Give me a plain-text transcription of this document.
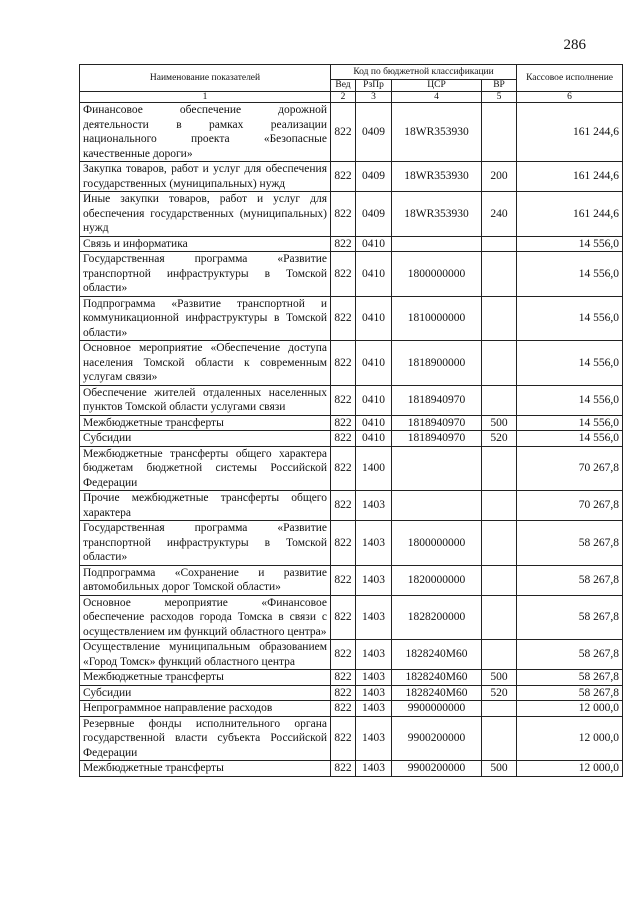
286
Наименование показателей	Код по бюджетной классификации				Кассовое исполнение
	Вед	РзПр	ЦСР	ВР	
1	2	3	4	5	6
Финансовое обеспечение дорожной деятельности в рамках реализации национального проекта «Безопасные качественные дороги»	822	0409	18WR353930		161 244,6
Закупка товаров, работ и услуг для обеспечения государственных (муниципальных) нужд	822	0409	18WR353930	200	161 244,6
Иные закупки товаров, работ и услуг для обеспечения государственных (муниципальных) нужд	822	0409	18WR353930	240	161 244,6
Связь и информатика	822	0410			14 556,0
Государственная программа «Развитие транспортной инфраструктуры в Томской области»	822	0410	1800000000		14 556,0
Подпрограмма «Развитие транспортной и коммуникационной инфраструктуры в Томской области»	822	0410	1810000000		14 556,0
Основное мероприятие «Обеспечение доступа населения Томской области к современным услугам связи»	822	0410	1818900000		14 556,0
Обеспечение жителей отдаленных населенных пунктов Томской области услугами связи	822	0410	1818940970		14 556,0
Межбюджетные трансферты	822	0410	1818940970	500	14 556,0
Субсидии	822	0410	1818940970	520	14 556,0
Межбюджетные трансферты общего характера бюджетам бюджетной системы Российской Федерации	822	1400			70 267,8
Прочие межбюджетные трансферты общего характера	822	1403			70 267,8
Государственная программа «Развитие транспортной инфраструктуры в Томской области»	822	1403	1800000000		58 267,8
Подпрограмма «Сохранение и развитие автомобильных дорог Томской области»	822	1403	1820000000		58 267,8
Основное мероприятие «Финансовое обеспечение расходов города Томска в связи с осуществлением им функций областного центра»	822	1403	1828200000		58 267,8
Осуществление муниципальным образованием «Город Томск» функций областного центра	822	1403	1828240M60		58 267,8
Межбюджетные трансферты	822	1403	1828240M60	500	58 267,8
Субсидии	822	1403	1828240M60	520	58 267,8
Непрограммное направление расходов	822	1403	9900000000		12 000,0
Резервные фонды исполнительного органа государственной власти субъекта Российской Федерации	822	1403	9900200000		12 000,0
Межбюджетные трансферты	822	1403	9900200000	500	12 000,0
